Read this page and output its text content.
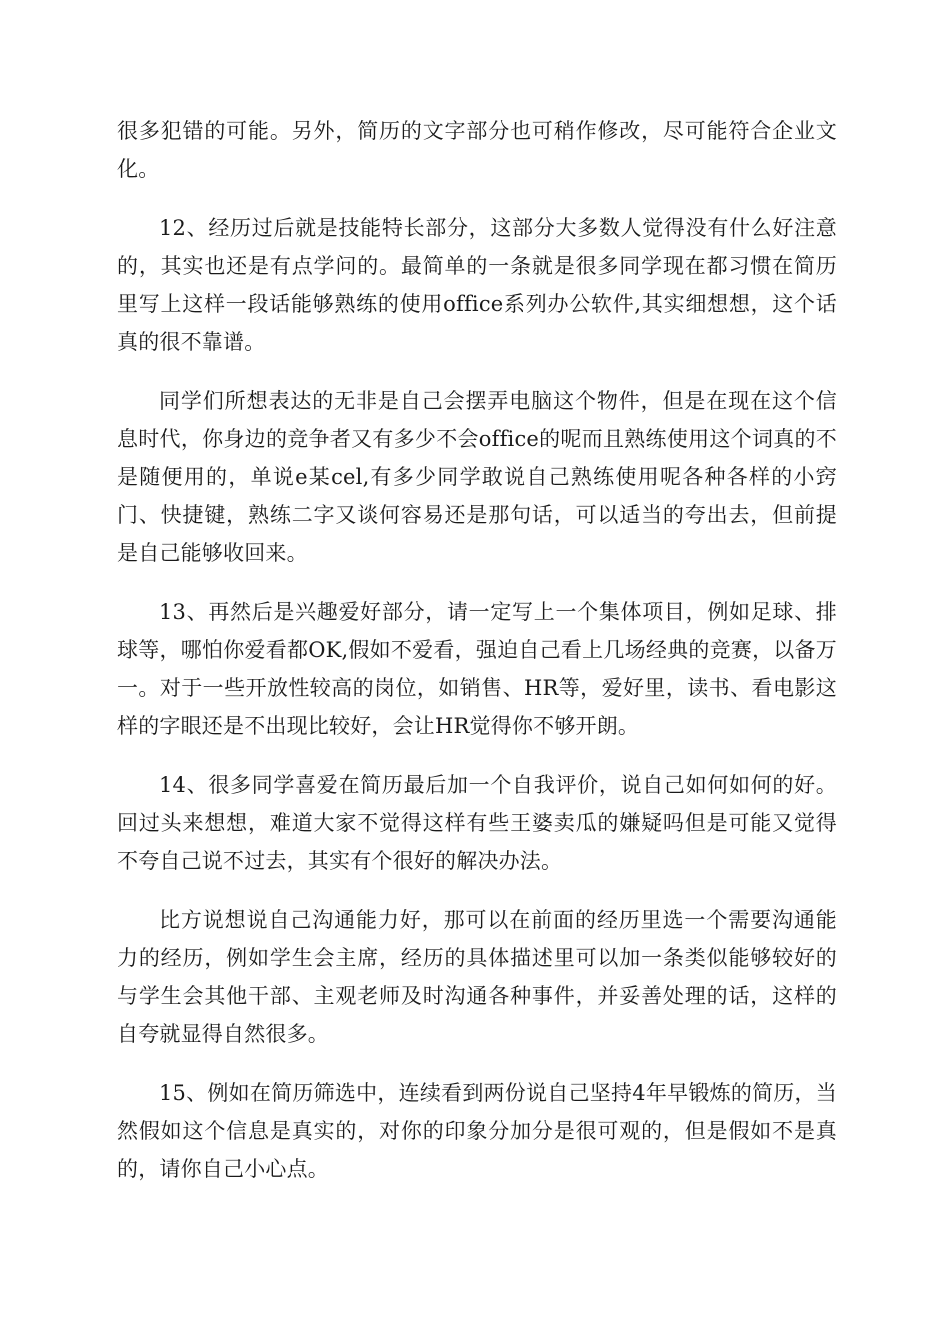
很多犯错的可能。另外，简历的文字部分也可稍作修改，尽可能符合企业文化。

12、经历过后就是技能特长部分，这部分大多数人觉得没有什么好注意的，其实也还是有点学问的。最简单的一条就是很多同学现在都习惯在简历里写上这样一段话能够熟练的使用office系列办公软件,其实细想想，这个话真的很不靠谱。

同学们所想表达的无非是自己会摆弄电脑这个物件，但是在现在这个信息时代，你身边的竞争者又有多少不会office的呢而且熟练使用这个词真的不是随便用的，单说e某cel,有多少同学敢说自己熟练使用呢各种各样的小窍门、快捷键，熟练二字又谈何容易还是那句话，可以适当的夸出去，但前提是自己能够收回来。

13、再然后是兴趣爱好部分，请一定写上一个集体项目，例如足球、排球等，哪怕你爱看都OK,假如不爱看，强迫自己看上几场经典的竞赛，以备万一。对于一些开放性较高的岗位，如销售、HR等，爱好里，读书、看电影这样的字眼还是不出现比较好，会让HR觉得你不够开朗。

14、很多同学喜爱在简历最后加一个自我评价，说自己如何如何的好。回过头来想想，难道大家不觉得这样有些王婆卖瓜的嫌疑吗但是可能又觉得不夸自己说不过去，其实有个很好的解决办法。

比方说想说自己沟通能力好，那可以在前面的经历里选一个需要沟通能力的经历，例如学生会主席，经历的具体描述里可以加一条类似能够较好的与学生会其他干部、主观老师及时沟通各种事件，并妥善处理的话，这样的自夸就显得自然很多。

15、例如在简历筛选中，连续看到两份说自己坚持4年早锻炼的简历，当然假如这个信息是真实的，对你的印象分加分是很可观的，但是假如不是真的，请你自己小心点。
